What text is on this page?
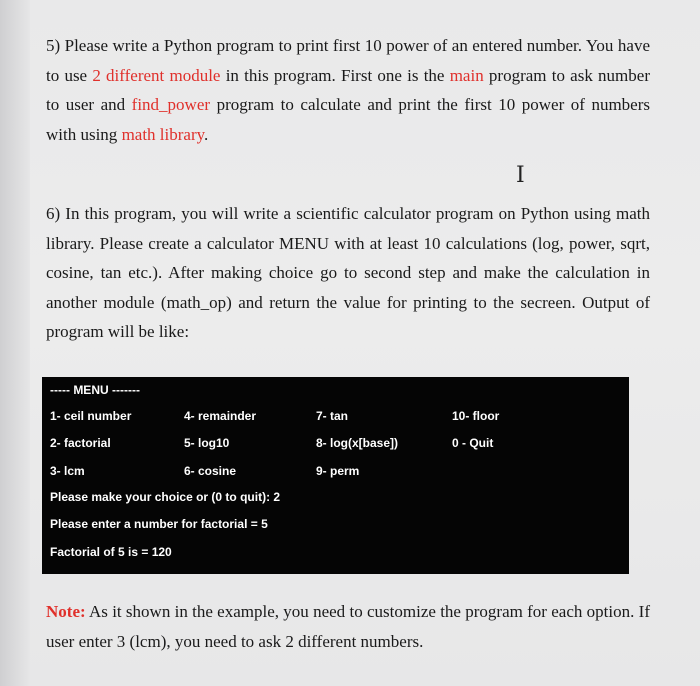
5) Please write a Python program to print first 10 power of an entered number. You have to use 2 different module in this program. First one is the main program to ask number to user and find_power program to calculate and print the first 10 power of numbers with using math library.

I

6) In this program, you will write a scientific calculator program on Python using math library. Please create a calculator MENU with at least 10 calculations (log, power, sqrt, cosine, tan etc.). After making choice go to second step and make the calculation in another module (math_op) and return the value for printing to the secreen. Output of program will be like:

----- MENU -------
1- ceil number	4- remainder	7- tan	10- floor
2- factorial	5- log10	8- log(x[base])	0 - Quit
3- lcm	6- cosine	9- perm
Please make your choice or (0 to quit): 2
Please enter a number for factorial = 5
Factorial of 5 is = 120

Note: As it shown in the example, you need to customize the program for each option. If user enter 3 (lcm), you need to ask 2 different numbers.
